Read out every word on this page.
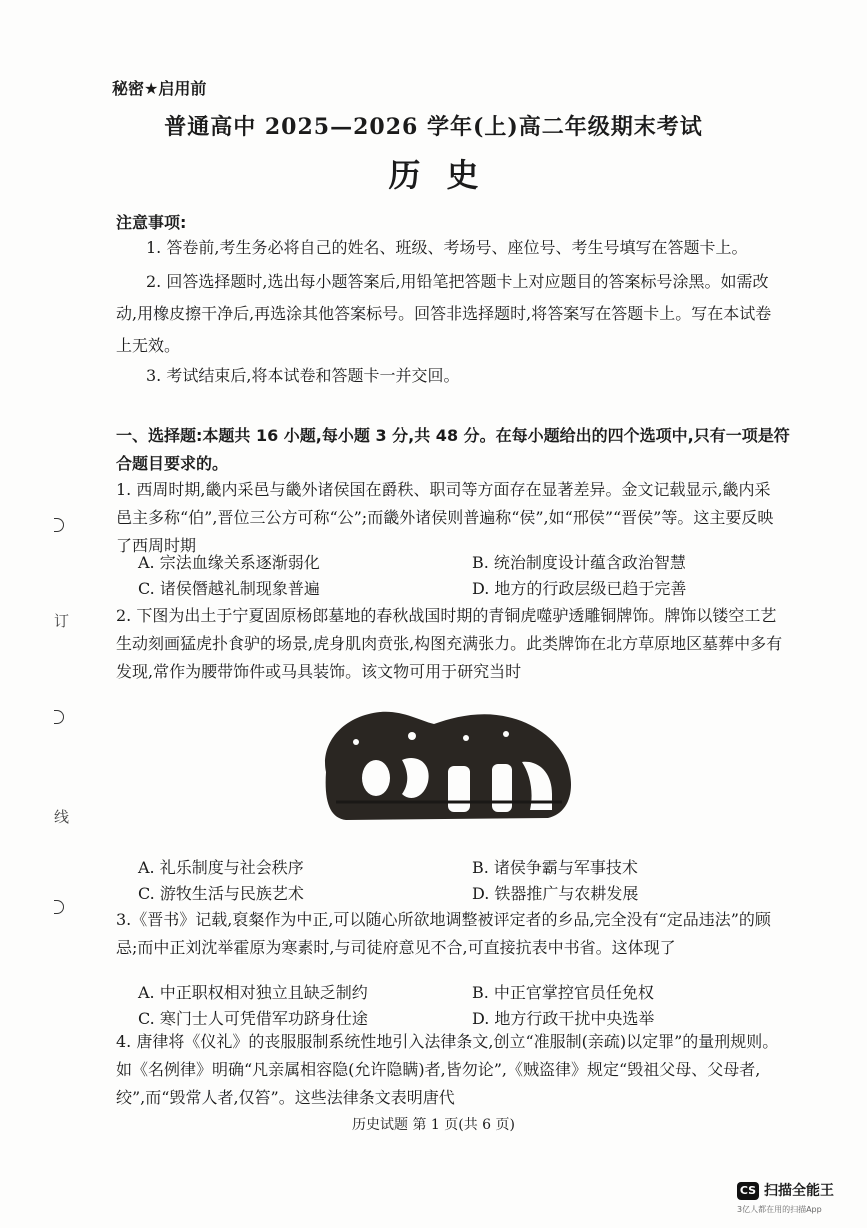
订
线
秘密★启用前
普通高中 2025—2026 学年(上)高二年级期末考试
历史
注意事项:
1. 答卷前,考生务必将自己的姓名、班级、考场号、座位号、考生号填写在答题卡上。
2. 回答选择题时,选出每小题答案后,用铅笔把答题卡上对应题目的答案标号涂黑。如需改动,用橡皮擦干净后,再选涂其他答案标号。回答非选择题时,将答案写在答题卡上。写在本试卷上无效。
3. 考试结束后,将本试卷和答题卡一并交回。
一、选择题:本题共 16 小题,每小题 3 分,共 48 分。在每小题给出的四个选项中,只有一项是符合题目要求的。
1. 西周时期,畿内采邑与畿外诸侯国在爵秩、职司等方面存在显著差异。金文记载显示,畿内采邑主多称“伯”,晋位三公方可称“公”;而畿外诸侯则普遍称“侯”,如“邢侯”“晋侯”等。这主要反映了西周时期
A. 宗法血缘关系逐渐弱化	B. 统治制度设计蕴含政治智慧
C. 诸侯僭越礼制现象普遍	D. 地方的行政层级已趋于完善
2. 下图为出土于宁夏固原杨郎墓地的春秋战国时期的青铜虎噬驴透雕铜牌饰。牌饰以镂空工艺生动刻画猛虎扑食驴的场景,虎身肌肉贲张,构图充满张力。此类牌饰在北方草原地区墓葬中多有发现,常作为腰带饰件或马具装饰。该文物可用于研究当时
A. 礼乐制度与社会秩序	B. 诸侯争霸与军事技术
C. 游牧生活与民族艺术	D. 铁器推广与农耕发展
3.《晋书》记载,裒粲作为中正,可以随心所欲地调整被评定者的乡品,完全没有“定品违法”的顾忌;而中正刘沈举霍原为寒素时,与司徒府意见不合,可直接抗表中书省。这体现了
A. 中正职权相对独立且缺乏制约	B. 中正官掌控官员任免权
C. 寒门士人可凭借军功跻身仕途	D. 地方行政干扰中央选举
4. 唐律将《仪礼》的丧服服制系统性地引入法律条文,创立“准服制(亲疏)以定罪”的量刑规则。如《名例律》明确“凡亲属相容隐(允许隐瞒)者,皆勿论”,《贼盗律》规定“毁祖父母、父母者,绞”,而“毁常人者,仅笞”。这些法律条文表明唐代
历史试题 第 1 页(共 6 页)
CS 扫描全能王
3亿人都在用的扫描App
